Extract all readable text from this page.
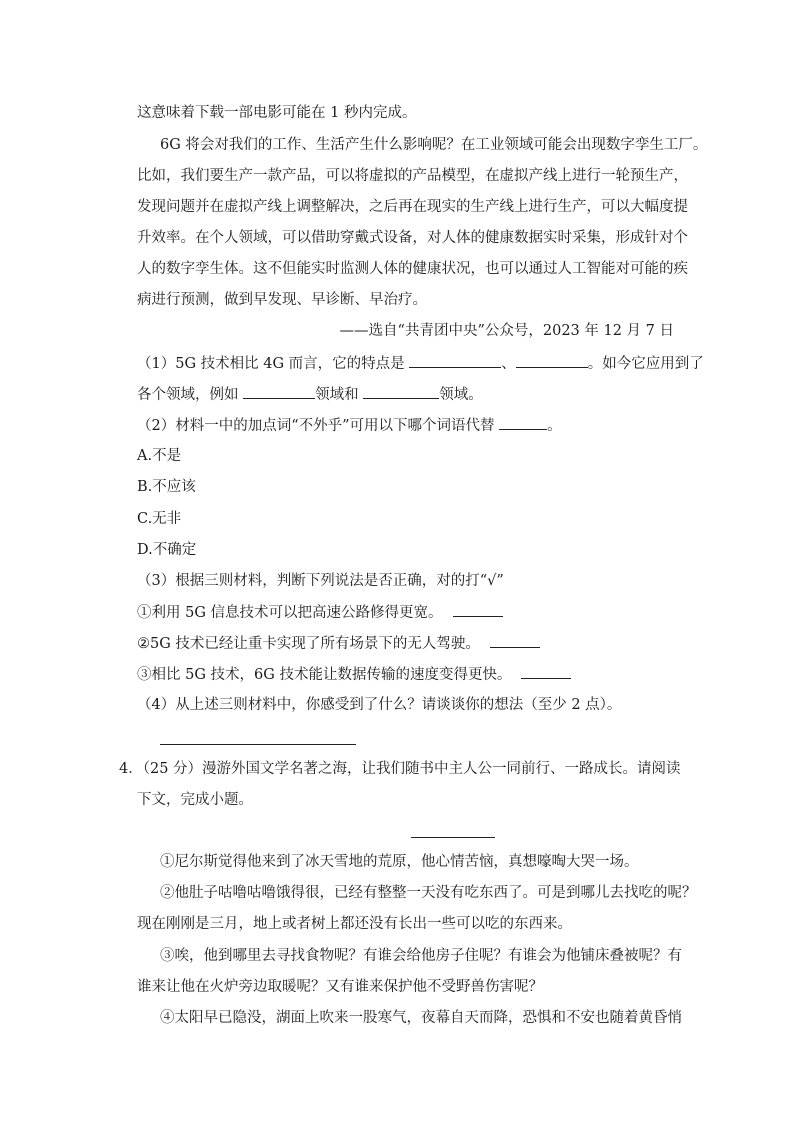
这意味着下载一部电影可能在 1 秒内完成。
6G 将会对我们的工作、生活产生什么影响呢？在工业领域可能会出现数字孪生工厂。
比如，我们要生产一款产品，可以将虚拟的产品模型，在虚拟产线上进行一轮预生产，
发现问题并在虚拟产线上调整解决，之后再在现实的生产线上进行生产，可以大幅度提
升效率。在个人领域，可以借助穿戴式设备，对人体的健康数据实时采集，形成针对个
人的数字孪生体。这不但能实时监测人体的健康状况，也可以通过人工智能对可能的疾
病进行预测，做到早发现、早诊断、早治疗。
——选自“共青团中央”公众号，2023 年 12 月 7 日
（1）5G 技术相比 4G 而言，它的特点是	、	。如今它应用到了
各个领域，例如	领域和	领域。
（2）材料一中的加点词“不外乎”可用以下哪个词语代替	。
A.不是
B.不应该
C.无非
D.不确定
（3）根据三则材料，判断下列说法是否正确，对的打“√”
①利用 5G 信息技术可以把高速公路修得更宽。
②5G 技术已经让重卡实现了所有场景下的无人驾驶。
③相比 5G 技术，6G 技术能让数据传输的速度变得更快。
（4）从上述三则材料中，你感受到了什么？请谈谈你的想法（至少 2 点）。
4．（25 分）漫游外国文学名著之海，让我们随书中主人公一同前行、一路成长。请阅读
下文，完成小题。
①尼尔斯觉得他来到了冰天雪地的荒原，他心情苦恼，真想嚎啕大哭一场。
②他肚子咕噜咕噜饿得很，已经有整整一天没有吃东西了。可是到哪儿去找吃的呢？
现在刚刚是三月，地上或者树上都还没有长出一些可以吃的东西来。
③唉，他到哪里去寻找食物呢？有谁会给他房子住呢？有谁会为他铺床叠被呢？有
谁来让他在火炉旁边取暖呢？又有谁来保护他不受野兽伤害呢？
④太阳早已隐没，湖面上吹来一股寒气，夜幕自天而降，恐惧和不安也随着黄昏悄
